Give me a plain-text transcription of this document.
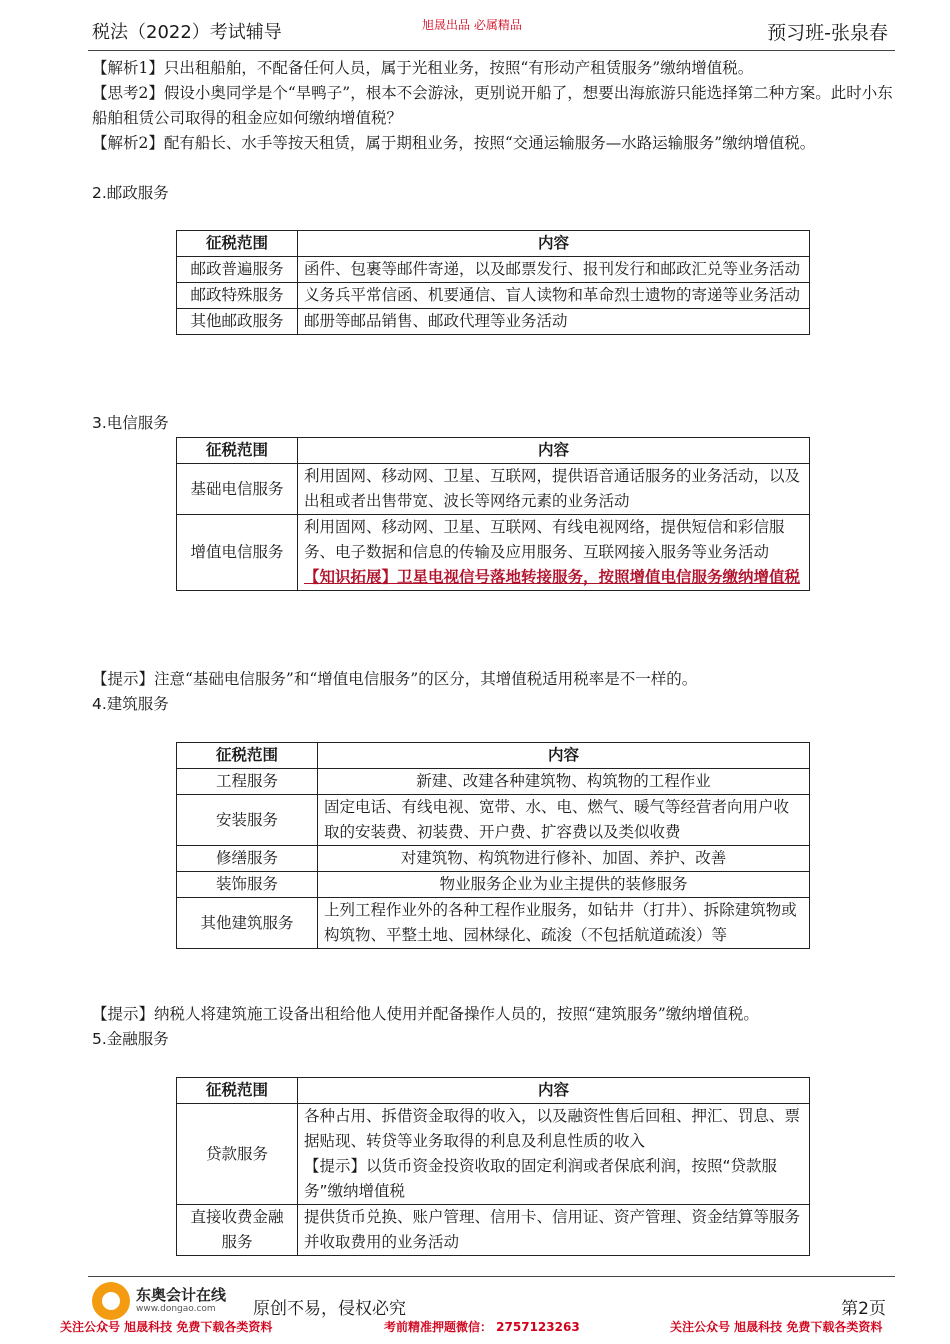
税法（2022）考试辅导	旭晟出品 必属精品	预习班-张泉春
【解析1】只出租船舶，不配备任何人员，属于光租业务，按照“有形动产租赁服务”缴纳增值税。
【思考2】假设小奥同学是个“旱鸭子”，根本不会游泳，更别说开船了，想要出海旅游只能选择第二种方案。此时小东船舶租赁公司取得的租金应如何缴纳增值税？
【解析2】配有船长、水手等按天租赁，属于期租业务，按照“交通运输服务—水路运输服务”缴纳增值税。
2.邮政服务
征税范围	内容
邮政普遍服务	函件、包裹等邮件寄递，以及邮票发行、报刊发行和邮政汇兑等业务活动
邮政特殊服务	义务兵平常信函、机要通信、盲人读物和革命烈士遗物的寄递等业务活动
其他邮政服务	邮册等邮品销售、邮政代理等业务活动
3.电信服务
征税范围	内容
基础电信服务	利用固网、移动网、卫星、互联网，提供语音通话服务的业务活动，以及出租或者出售带宽、波长等网络元素的业务活动
增值电信服务	利用固网、移动网、卫星、互联网、有线电视网络，提供短信和彩信服务、电子数据和信息的传输及应用服务、互联网接入服务等业务活动
【知识拓展】卫星电视信号落地转接服务，按照增值电信服务缴纳增值税
【提示】注意“基础电信服务”和“增值电信服务”的区分，其增值税适用税率是不一样的。
4.建筑服务
征税范围	内容
工程服务	新建、改建各种建筑物、构筑物的工程作业
安装服务	固定电话、有线电视、宽带、水、电、燃气、暖气等经营者向用户收取的安装费、初装费、开户费、扩容费以及类似收费
修缮服务	对建筑物、构筑物进行修补、加固、养护、改善
装饰服务	物业服务企业为业主提供的装修服务
其他建筑服务	上列工程作业外的各种工程作业服务，如钻井（打井）、拆除建筑物或构筑物、平整土地、园林绿化、疏浚（不包括航道疏浚）等
【提示】纳税人将建筑施工设备出租给他人使用并配备操作人员的，按照“建筑服务”缴纳增值税。
5.金融服务
征税范围	内容
贷款服务	各种占用、拆借资金取得的收入，以及融资性售后回租、押汇、罚息、票据贴现、转贷等业务取得的利息及利息性质的收入
【提示】以货币资金投资收取的固定利润或者保底利润，按照“贷款服务”缴纳增值税

直接收费金融服务	提供货币兑换、账户管理、信用卡、信用证、资产管理、资金结算等服务并收取费用的业务活动
东奥会计在线
www.dongao.com 原创不易，侵权必究	第2页
关注公众号 旭晟科技 免费下载各类资料	考前精准押题微信： 2757123263	关注公众号 旭晟科技 免费下载各类资料
